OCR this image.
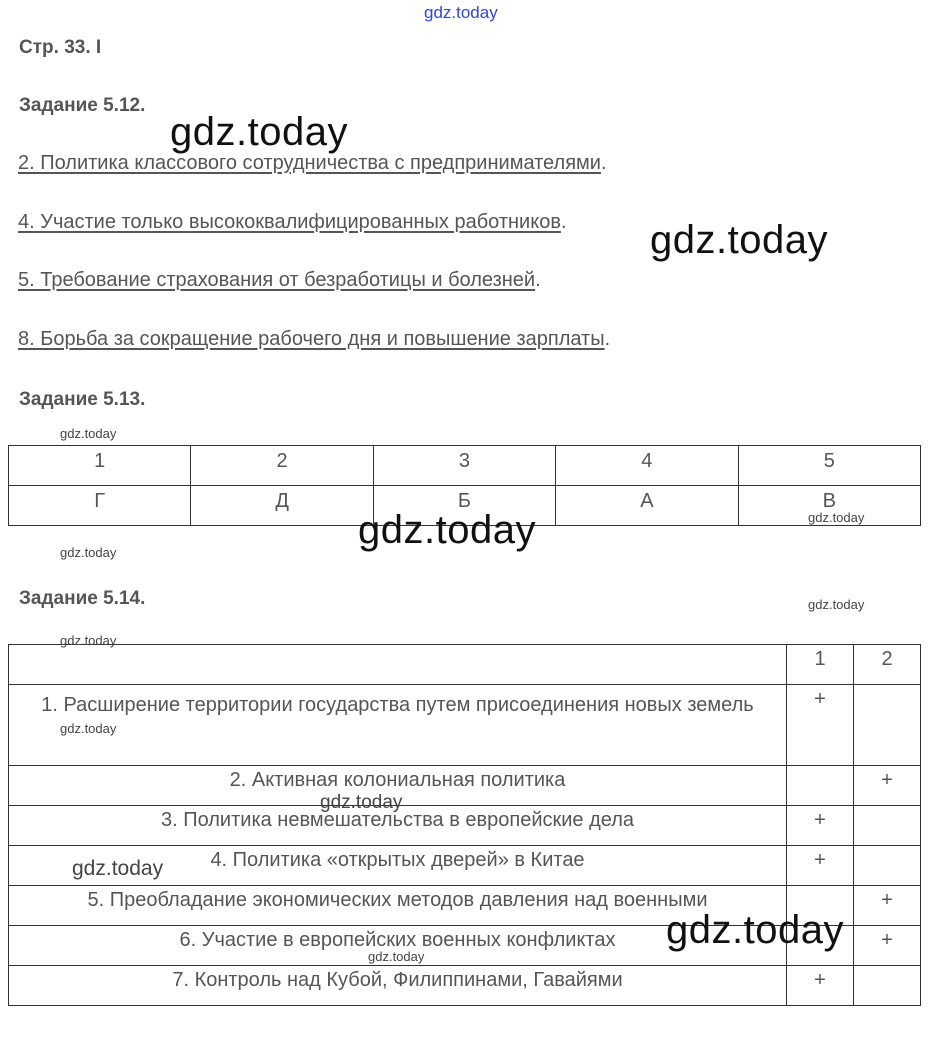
gdz.today
Стр. 33. I
Задание 5.12.
2. Политика классового сотрудничества с предпринимателями.
4. Участие только высококвалифицированных работников.
5. Требование страхования от безработицы и болезней.
8. Борьба за сокращение рабочего дня и повышение зарплаты.
Задание 5.13.
1	2	3	4	5
Г	Д	Б	А	В
Задание 5.14.
	1	2
1. Расширение территории государства путем присоединения новых земель	+	
2. Активная колониальная политика		+
3. Политика невмешательства в европейские дела	+	
4. Политика «открытых дверей» в Китае	+	
5. Преобладание экономических методов давления над военными		+
6. Участие в европейских военных конфликтах		+
7. Контроль над Кубой, Филиппинами, Гавайями	+	
gdz.today
gdz.today
gdz.today
gdz.today
gdz.today
gdz.today
gdz.today
gdz.today
gdz.today
gdz.today
gdz.today
gdz.today
gdz.today
